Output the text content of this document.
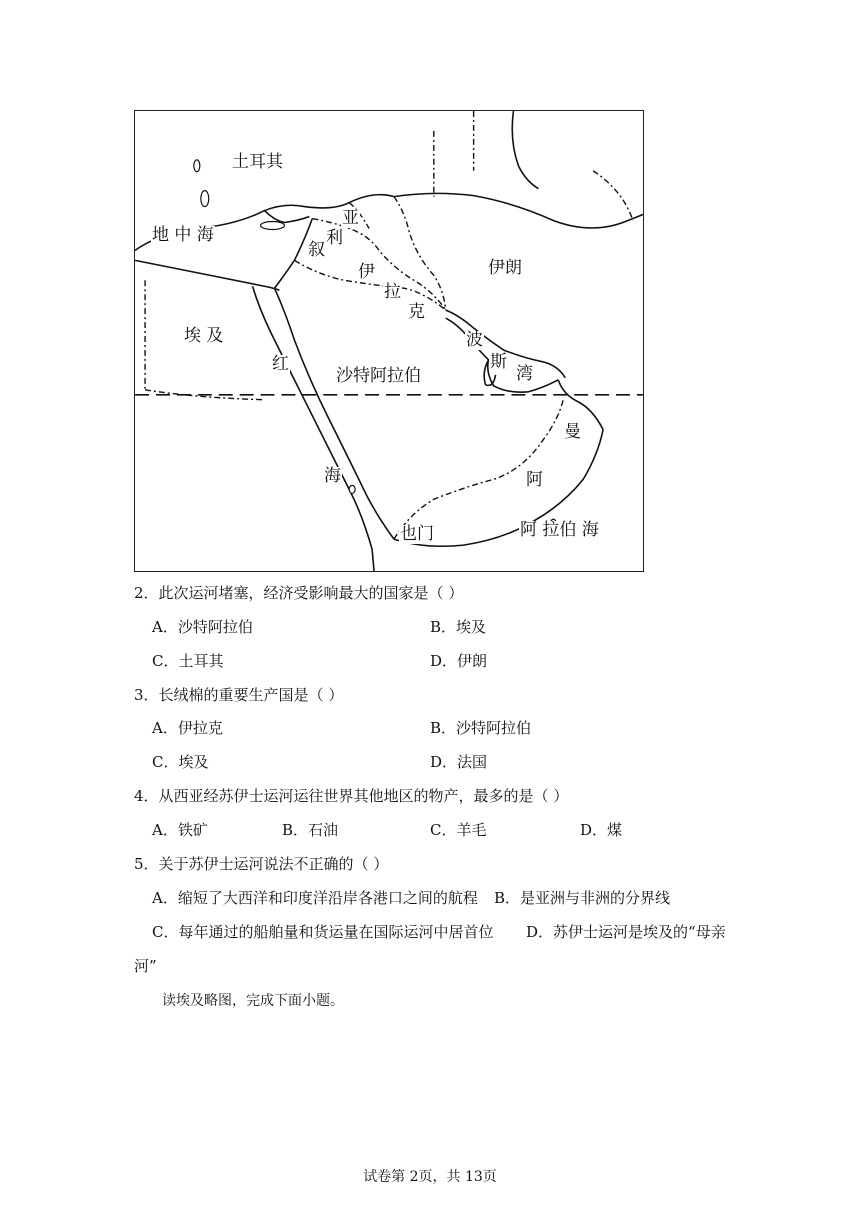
土耳其
地 中 海
亚
利
叙
伊
拉
克
伊朗
埃 及
红
沙特阿拉伯
波
斯
湾
曼
海	阿
也门	阿 拉伯 海
2．此次运河堵塞，经济受影响最大的国家是（ ）
A．沙特阿拉伯	B．埃及
C．土耳其	D．伊朗
3．长绒棉的重要生产国是（ ）
A．伊拉克	B．沙特阿拉伯
C．埃及	D．法国
4．从西亚经苏伊士运河运往世界其他地区的物产，最多的是（ ）
A．铁矿	B．石油	C．羊毛	D．煤
5．关于苏伊士运河说法不正确的（ ）
A．缩短了大西洋和印度洋沿岸各港口之间的航程 B．是亚洲与非洲的分界线
C．每年通过的船舶量和货运量在国际运河中居首位 D．苏伊士运河是埃及的“母亲
河”
读埃及略图，完成下面小题。
试卷第 2页，共 13页
